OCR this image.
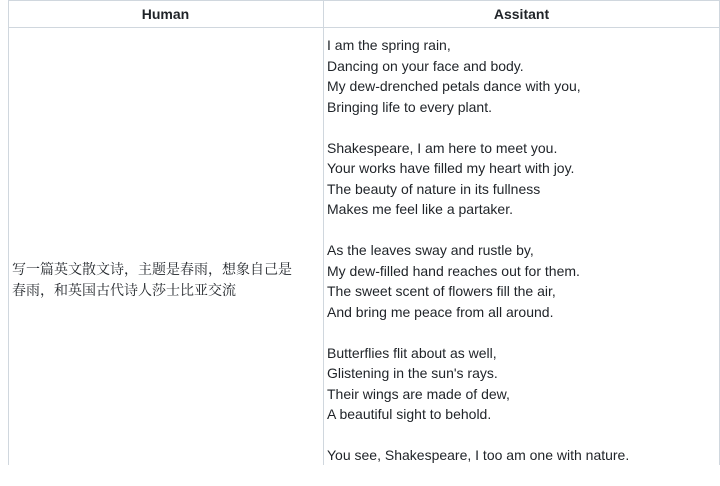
Human	Assitant
写一篇英文散文诗，主题是春雨，想象自己是春雨，和英国古代诗人莎士比亚交流
I am the spring rain,
Dancing on your face and body.
My dew-drenched petals dance with you,
Bringing life to every plant.
Shakespeare, I am here to meet you.
Your works have filled my heart with joy.
The beauty of nature in its fullness
Makes me feel like a partaker.
As the leaves sway and rustle by,
My dew-filled hand reaches out for them.
The sweet scent of flowers fill the air,
And bring me peace from all around.
Butterflies flit about as well,
Glistening in the sun's rays.
Their wings are made of dew,
A beautiful sight to behold.
You see, Shakespeare, I too am one with nature.
